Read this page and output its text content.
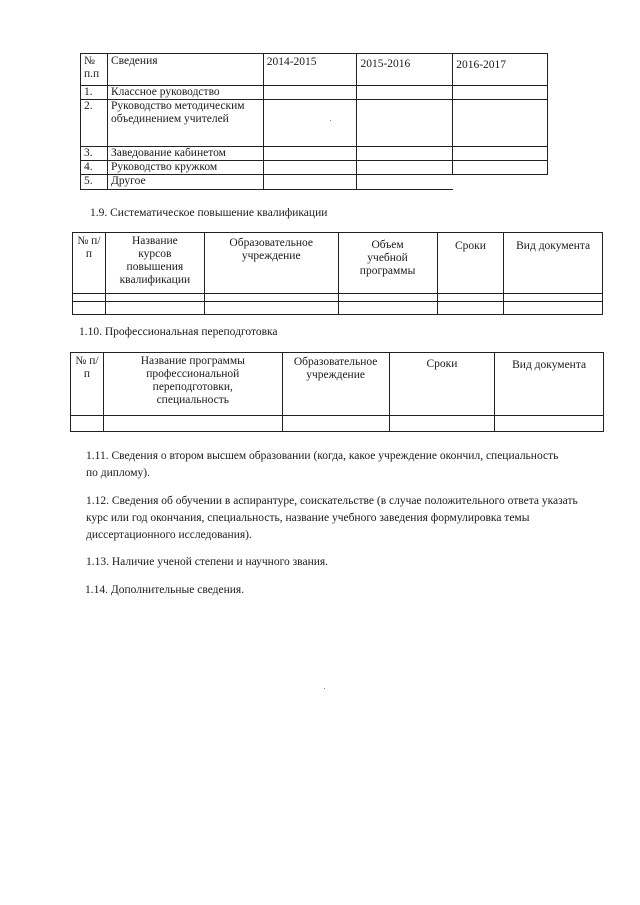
№ п.п	Сведения	2014-2015	2015-2016	2016-2017
1.	Классное руководство			
2.	Руководство методическим объединением учителей			
3.	Заведование кабинетом			
4.	Руководство кружком			
5.	Другое			
1.9. Систематическое повышение квалификации
№ п/п	Название курсов повышения квалификации	Образовательное учреждение	Объем учебной программы	Сроки	Вид документа

1.10. Профессиональная переподготовка
№ п/п	Название программы профессиональной переподготовки, специальность	Образовательное учреждение	Сроки	Вид документа

1.11. Сведения о втором высшем образовании (когда, какое учреждение окончил, специальность по диплому).
1.12. Сведения об обучении в аспирантуре, соискательстве (в случае положительного ответа указать курс или год окончания, специальность, название учебного заведения формулировка темы диссертационного исследования).
1.13. Наличие ученой степени и научного звания.
1.14. Дополнительные сведения.
